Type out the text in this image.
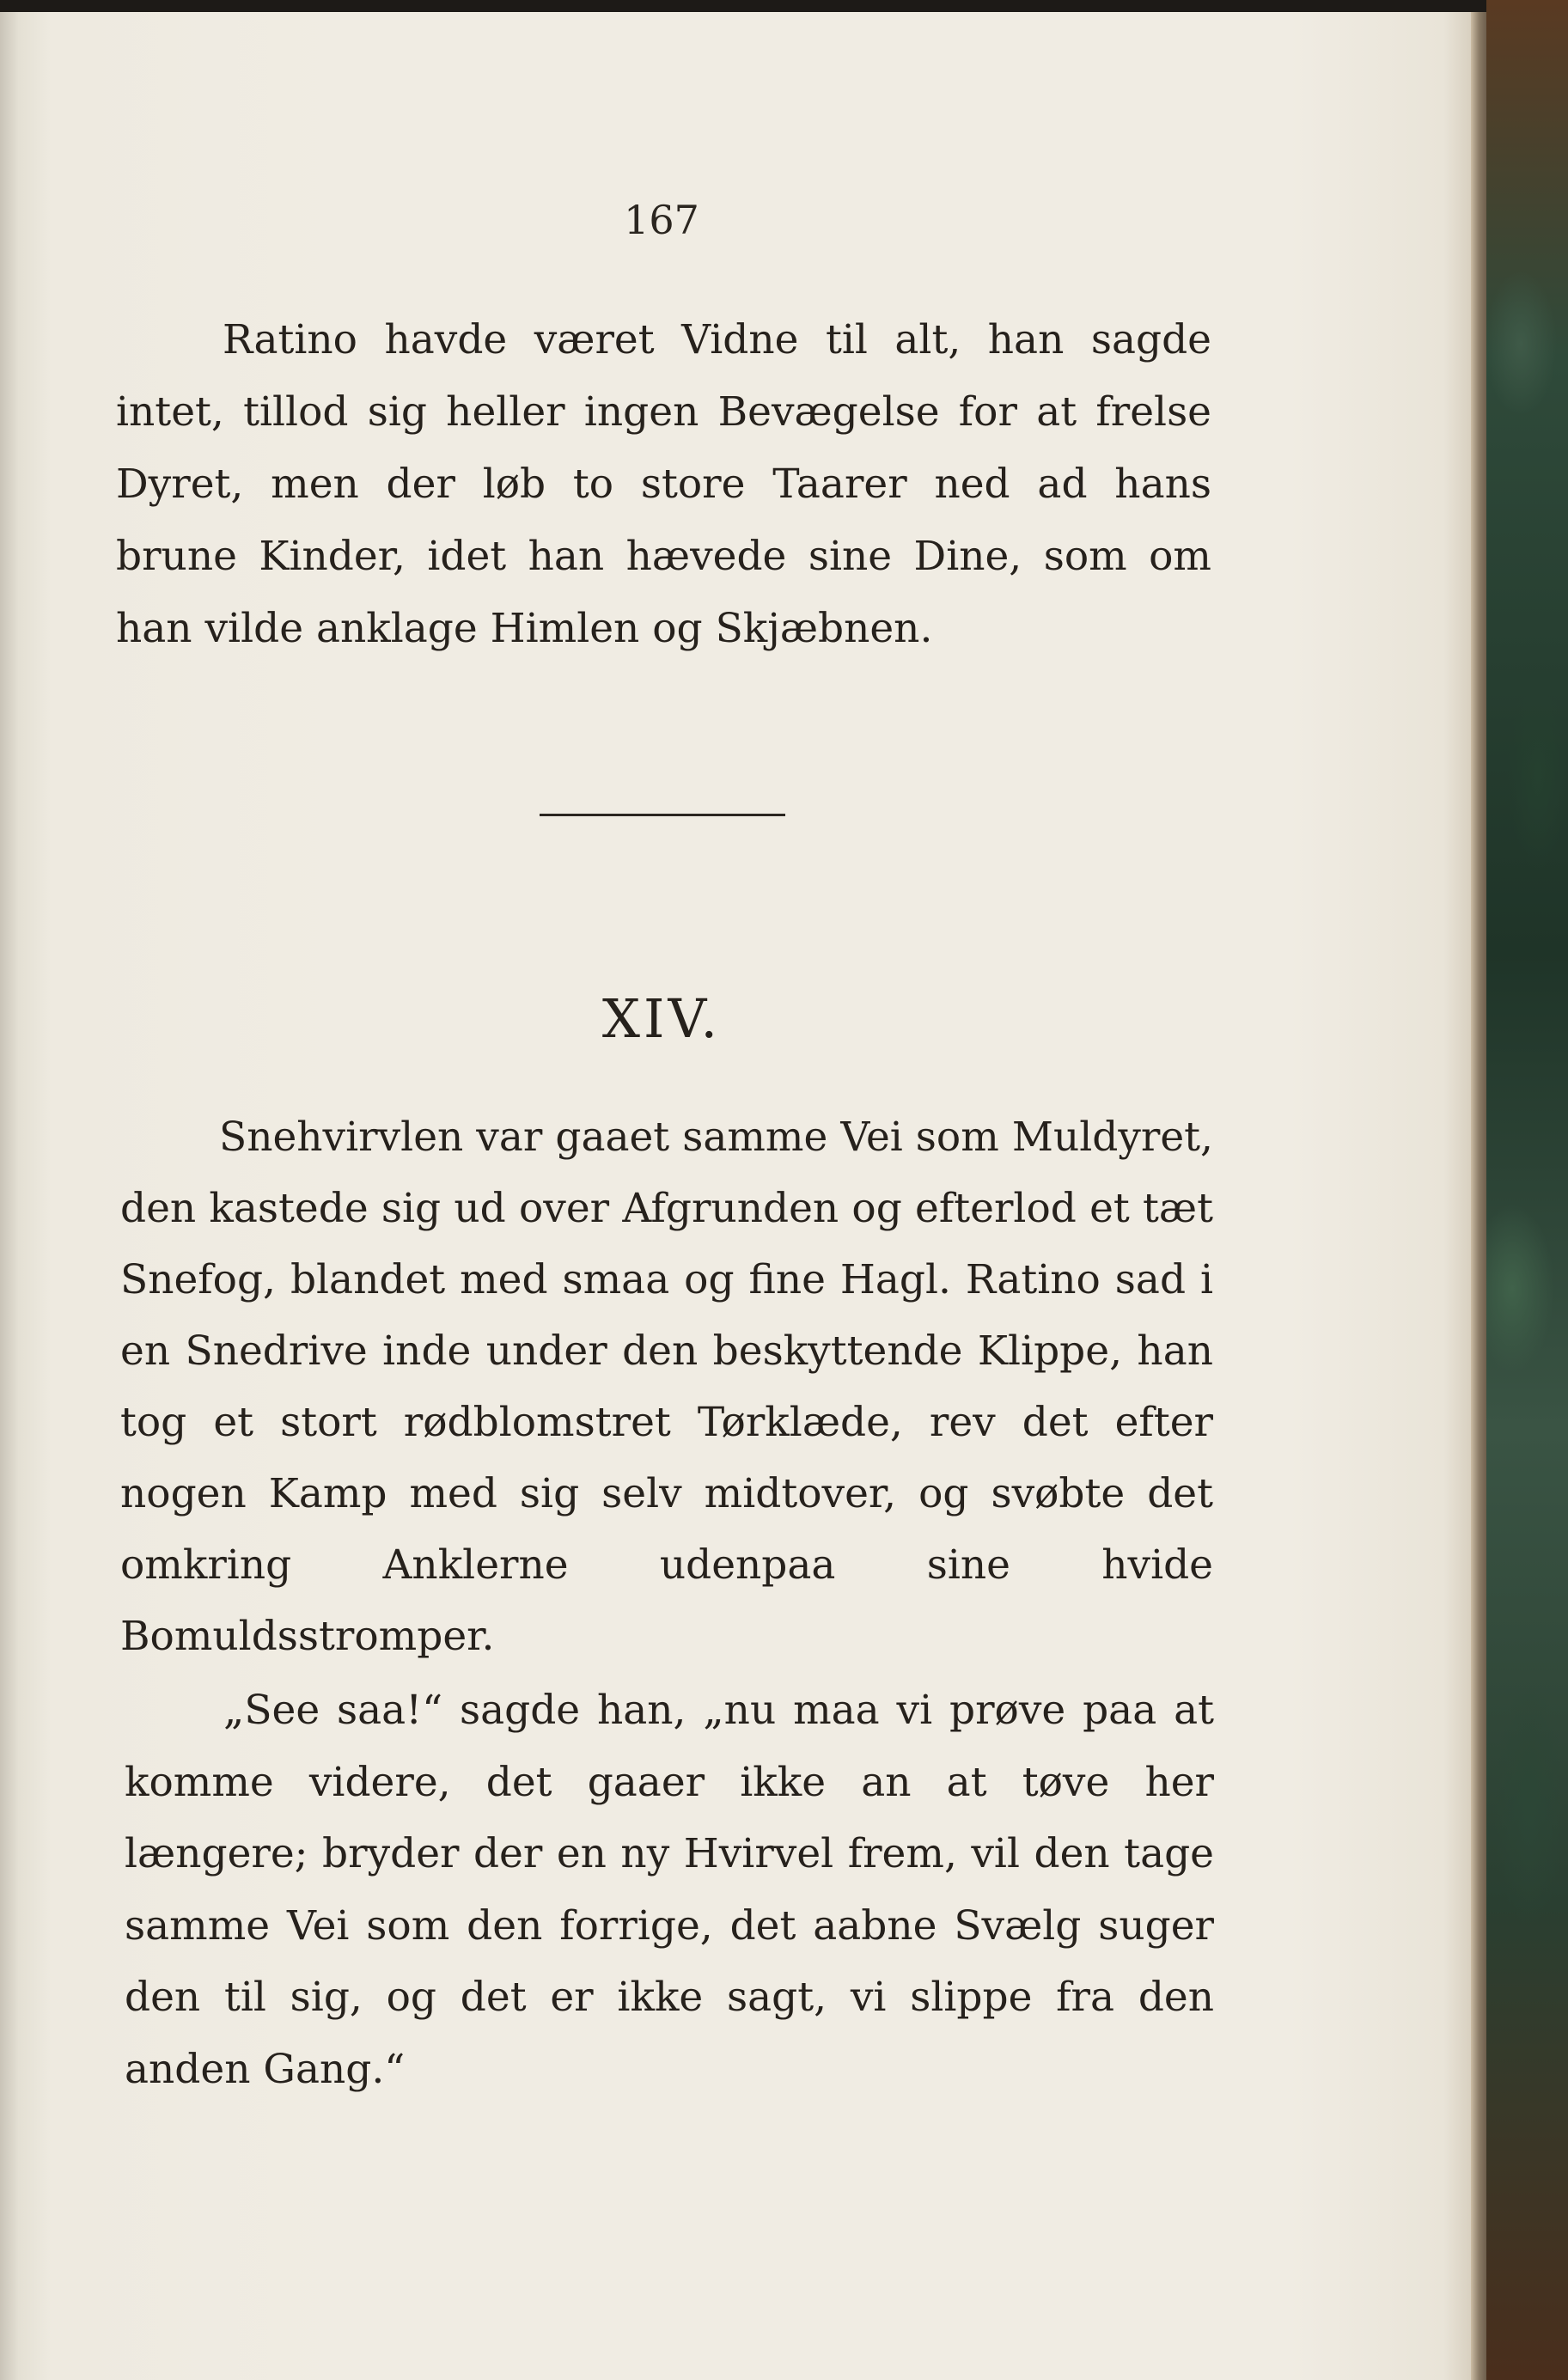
167

Ratino havde været Vidne til alt, han sagde intet, tillod sig heller ingen Bevægelse for at frelse Dyret, men der løb to store Taarer ned ad hans brune Kinder, idet han hævede sine Dine, som om han vilde anklage Himlen og Skjæbnen.

XIV.

Snehvirvlen var gaaet samme Vei som Muldyret, den kastede sig ud over Afgrunden og efterlod et tæt Snefog, blandet med smaa og fine Hagl. Ratino sad i en Snedrive inde under den beskyttende Klippe, han tog et stort rødblomstret Tørklæde, rev det efter nogen Kamp med sig selv midtover, og svøbte det omkring Anklerne udenpaa sine hvide Bomuldsstromper.

„See saa!“ sagde han, „nu maa vi prøve paa at komme videre, det gaaer ikke an at tøve her længere; bryder der en ny Hvirvel frem, vil den tage samme Vei som den forrige, det aabne Svælg suger den til sig, og det er ikke sagt, vi slippe fra den anden Gang.“
